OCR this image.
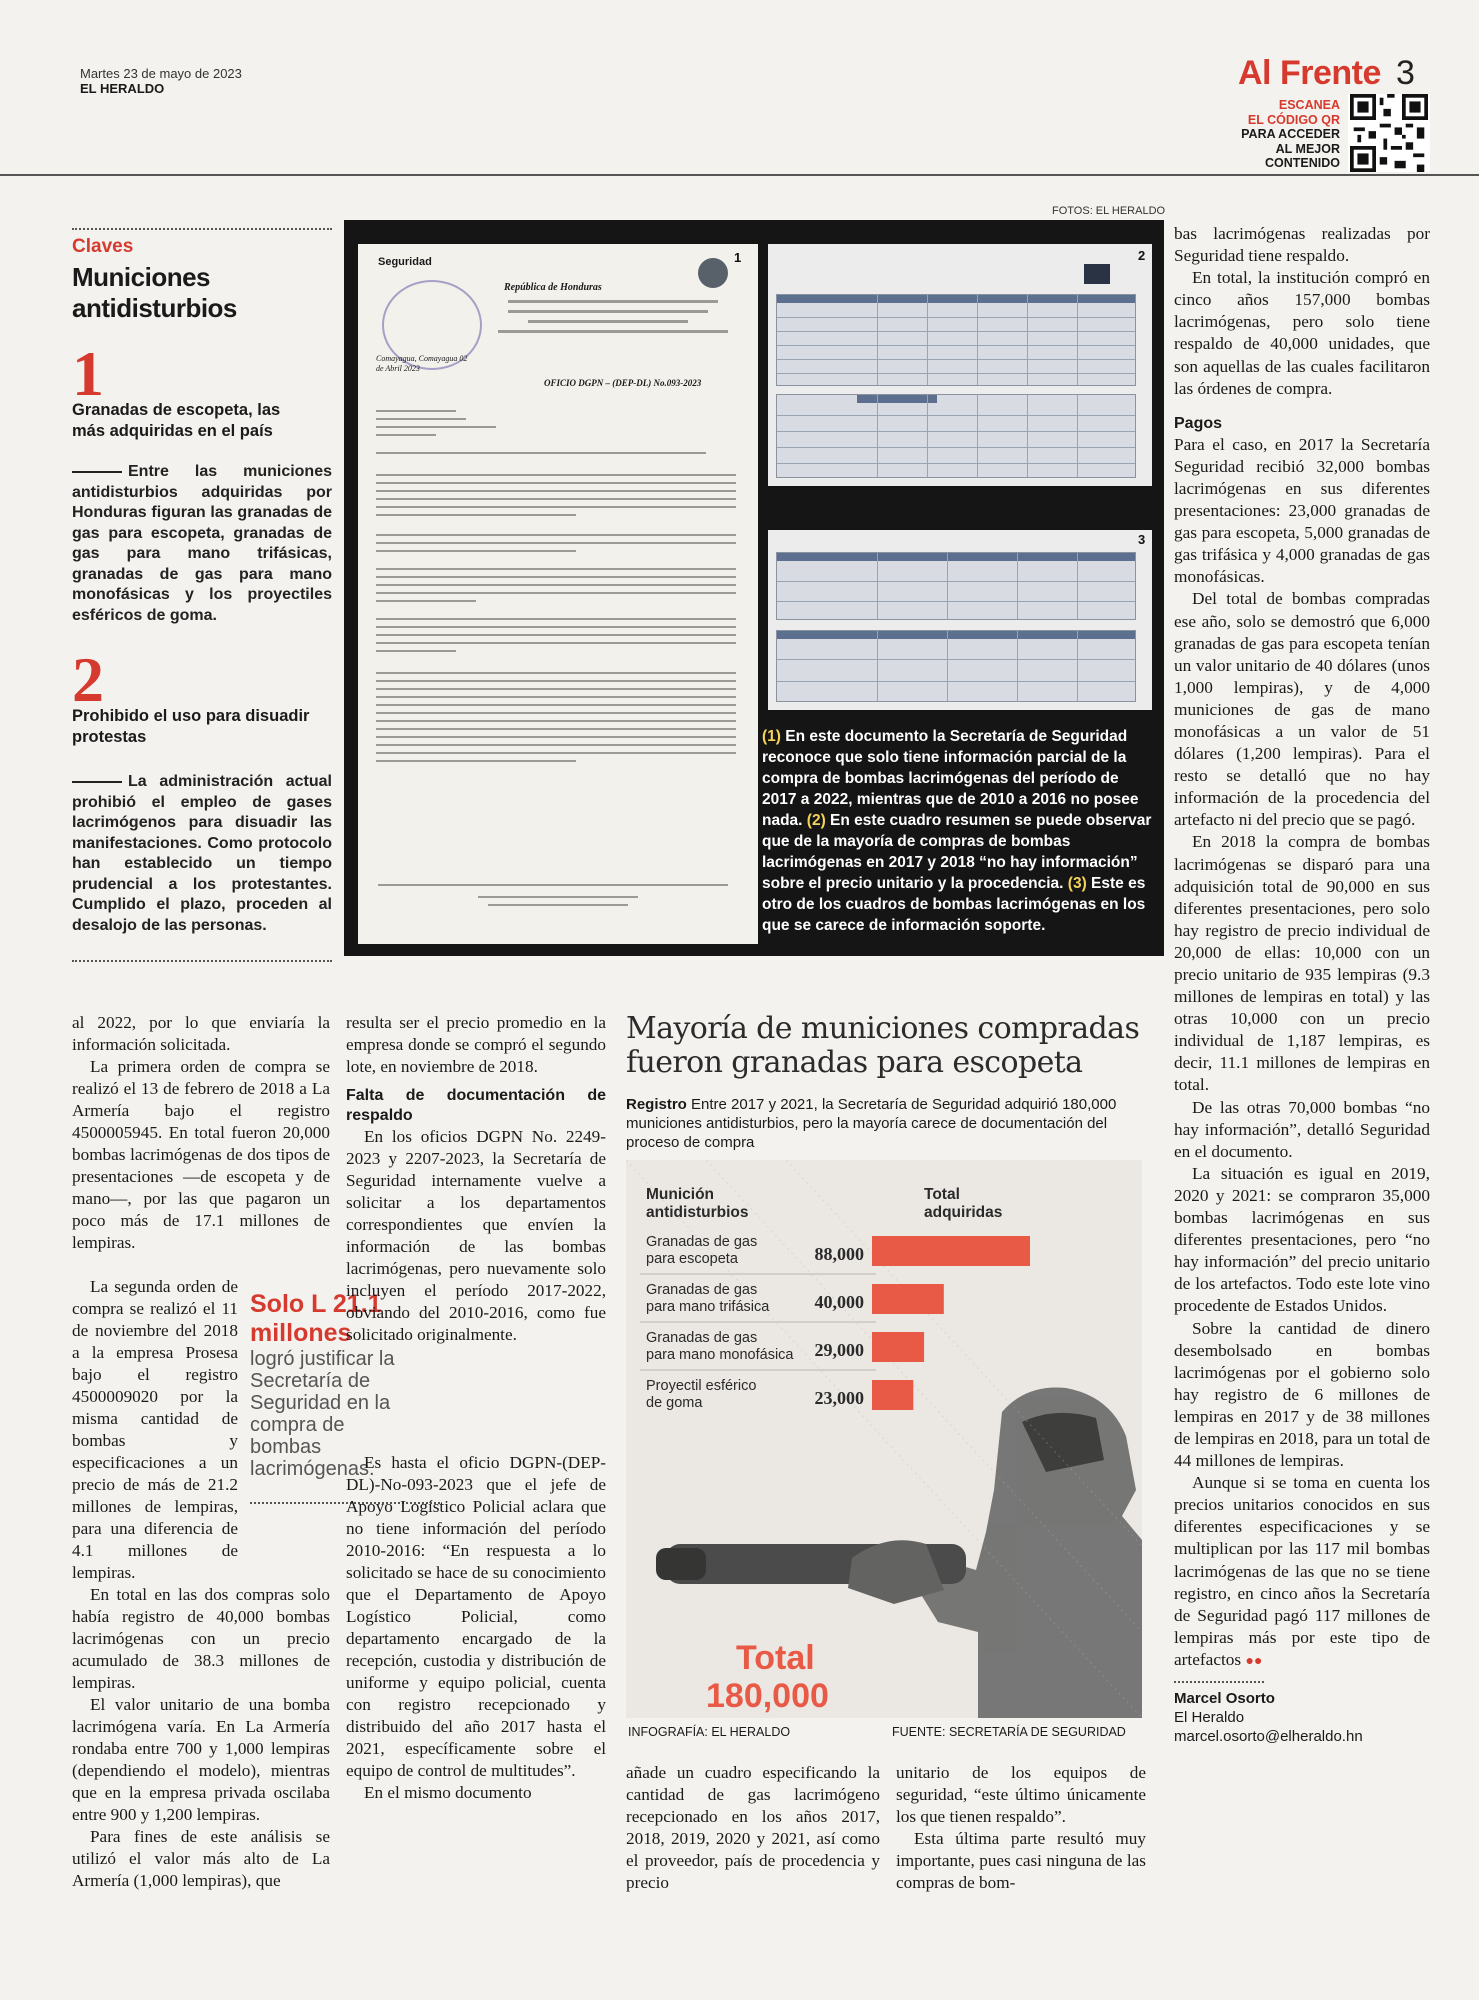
Martes 23 de mayo de 2023
EL HERALDO	Al Frente 3
ESCANEA
EL CÓDIGO QR
PARA ACCEDER
AL MEJOR
CONTENIDO
Claves
Municiones antidisturbios
1
Granadas de escopeta, las más adquiridas en el país
Entre las municiones antidisturbios adquiridas por Honduras figuran las granadas de gas para escopeta, granadas de gas para mano trifásicas, granadas de gas para mano monofásicas y los proyectiles esféricos de goma.
2
Prohibido el uso para disuadir protestas
La administración actual prohibió el empleo de gases lacrimógenos para disuadir las manifestaciones. Como protocolo han establecido un tiempo prudencial a los protestantes. Cumplido el plazo, proceden al desalojo de las personas.
FOTOS: EL HERALDO
1
Seguridad
República de Honduras
Comayagua, Comayagua 02 de Abril 2023
OFICIO DGPN – (DEP-DL) No.093-2023
2
3
(1) En este documento la Secretaría de Seguridad reconoce que solo tiene información parcial de la compra de bombas lacrimógenas del período de 2017 a 2022, mientras que de 2010 a 2016 no posee nada. (2) En este cuadro resumen se puede observar que de la mayoría de compras de bombas lacrimógenas en 2017 y 2018 “no hay información” sobre el precio unitario y la procedencia. (3) Este es otro de los cuadros de bombas lacrimógenas en los que se carece de información soporte.

al 2022, por lo que enviaría la información solicitada.

La primera orden de compra se realizó el 13 de febrero de 2018 a La Armería bajo el registro 4500005945. En total fueron 20,000 bombas lacrimógenas de dos tipos de presentaciones —de escopeta y de mano—, por las que pagaron un poco más de 17.1 millones de lempiras.

La segunda orden de compra se realizó el 11 de noviembre del 2018 a la empresa Prosesa bajo el registro 4500009020 por la misma cantidad de bombas y especificaciones a un precio de más de 21.2 millones de lempiras, para una diferencia de 4.1 millones de lempiras.

En total en las dos compras solo había registro de 40,000 bombas lacrimógenas con un precio acumulado de 38.3 millones de lempiras.

El valor unitario de una bomba lacrimógena varía. En La Armería rondaba entre 700 y 1,000 lempiras (dependiendo el modelo), mientras que en la empresa privada oscilaba entre 900 y 1,200 lempiras.

Para fines de este análisis se utilizó el valor más alto de La Armería (1,000 lempiras), que

Solo L 21.1 millones
logró justificar la Secretaría de Seguridad en la compra de bombas lacrimógenas.

resulta ser el precio promedio en la empresa donde se compró el segundo lote, en noviembre de 2018.

Falta de documentación de respaldo

En los oficios DGPN No. 2249-2023 y 2207-2023, la Secretaría de Seguridad internamente vuelve a solicitar a los departamentos correspondientes que envíen la información de las bombas lacrimógenas, pero nuevamente solo incluyen el período 2017-2022, obviando del 2010-2016, como fue solicitado originalmente.

Es hasta el oficio DGPN-(DEP-DL)-No-093-2023 que el jefe de Apoyo Logístico Policial aclara que no tiene información del período 2010-2016: “En respuesta a lo solicitado se hace de su conocimiento que el Departamento de Apoyo Logístico Policial, como departamento encargado de la recepción, custodia y distribución de uniforme y equipo policial, cuenta con registro recepcionado y distribuido del año 2017 hasta el 2021, específicamente sobre el equipo de control de multitudes”.

En el mismo documento

Mayoría de municiones compradas fueron granadas para escopeta
Registro Entre 2017 y 2021, la Secretaría de Seguridad adquirió 180,000 municiones antidisturbios, pero la mayoría carece de documentación del proceso de compra
Granadas de gas para escopeta	88,000
Granadas de gas para mano trifásica	40,000
Granadas de gas para mano monofásica 29,000
Proyectil esférico de goma	23,000
Munición antidisturbios
Total adquiridas
Total
180,000
INFOGRAFÍA: EL HERALDO	FUENTE: SECRETARÍA DE SEGURIDAD

añade un cuadro especificando la cantidad de gas lacrimógeno recepcionado en los años 2017, 2018, 2019, 2020 y 2021, así como el proveedor, país de procedencia y precio

unitario de los equipos de seguridad, “este último únicamente los que tienen respaldo”.

Esta última parte resultó muy importante, pues casi ninguna de las compras de bom-

bas lacrimógenas realizadas por Seguridad tiene respaldo.

En total, la institución compró en cinco años 157,000 bombas lacrimógenas, pero solo tiene respaldo de 40,000 unidades, que son aquellas de las cuales facilitaron las órdenes de compra.

Pagos

Para el caso, en 2017 la Secretaría Seguridad recibió 32,000 bombas lacrimógenas en sus diferentes presentaciones: 23,000 granadas de gas para escopeta, 5,000 granadas de gas trifásica y 4,000 granadas de gas monofásicas.

Del total de bombas compradas ese año, solo se demostró que 6,000 granadas de gas para escopeta tenían un valor unitario de 40 dólares (unos 1,000 lempiras), y de 4,000 municiones de gas de mano monofásicas a un valor de 51 dólares (1,200 lempiras). Para el resto se detalló que no hay información de la procedencia del artefacto ni del precio que se pagó.

En 2018 la compra de bombas lacrimógenas se disparó para una adquisición total de 90,000 en sus diferentes presentaciones, pero solo hay registro de precio individual de 20,000 de ellas: 10,000 con un precio unitario de 935 lempiras (9.3 millones de lempiras en total) y las otras 10,000 con un precio individual de 1,187 lempiras, es decir, 11.1 millones de lempiras en total.

De las otras 70,000 bombas “no hay información”, detalló Seguridad en el documento.

La situación es igual en 2019, 2020 y 2021: se compraron 35,000 bombas lacrimógenas en sus diferentes presentaciones, pero “no hay información” del precio unitario de los artefactos. Todo este lote vino procedente de Estados Unidos.

Sobre la cantidad de dinero desembolsado en bombas lacrimógenas por el gobierno solo hay registro de 6 millones de lempiras en 2017 y de 38 millones de lempiras en 2018, para un total de 44 millones de lempiras.

Aunque si se toma en cuenta los precios unitarios conocidos en sus diferentes especificaciones y se multiplican por las 117 mil bombas lacrimógenas de las que no se tiene registro, en cinco años la Secretaría de Seguridad pagó 117 millones de lempiras más por este tipo de artefactos ●●

Marcel Osorto
El Heraldo
marcel.osorto@elheraldo.hn
